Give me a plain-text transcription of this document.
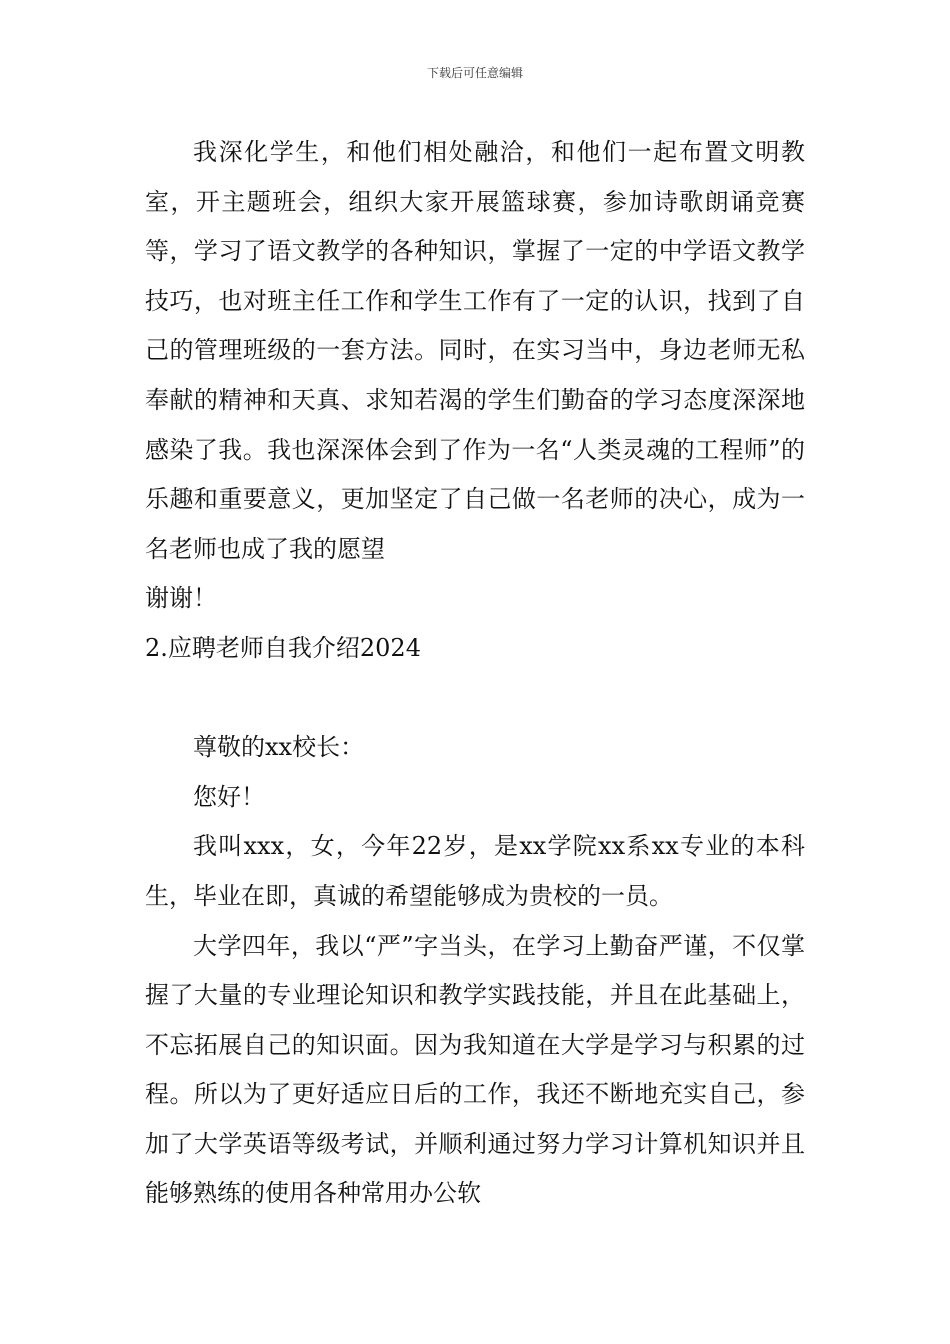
下载后可任意编辑

我深化学生，和他们相处融洽，和他们一起布置文明教室，开主题班会，组织大家开展篮球赛，参加诗歌朗诵竞赛等，学习了语文教学的各种知识，掌握了一定的中学语文教学技巧，也对班主任工作和学生工作有了一定的认识，找到了自己的管理班级的一套方法。同时，在实习当中，身边老师无私奉献的精神和天真、求知若渴的学生们勤奋的学习态度深深地感染了我。我也深深体会到了作为一名“人类灵魂的工程师”的乐趣和重要意义，更加坚定了自己做一名老师的决心，成为一名老师也成了我的愿望

谢谢！

2.应聘老师自我介绍2024

尊敬的xx校长：

您好！

我叫xxx，女，今年22岁，是xx学院xx系xx专业的本科生，毕业在即，真诚的希望能够成为贵校的一员。

大学四年，我以“严”字当头，在学习上勤奋严谨，不仅掌握了大量的专业理论知识和教学实践技能，并且在此基础上，不忘拓展自己的知识面。因为我知道在大学是学习与积累的过程。所以为了更好适应日后的工作，我还不断地充实自己，参加了大学英语等级考试，并顺利通过努力学习计算机知识并且能够熟练的使用各种常用办公软
